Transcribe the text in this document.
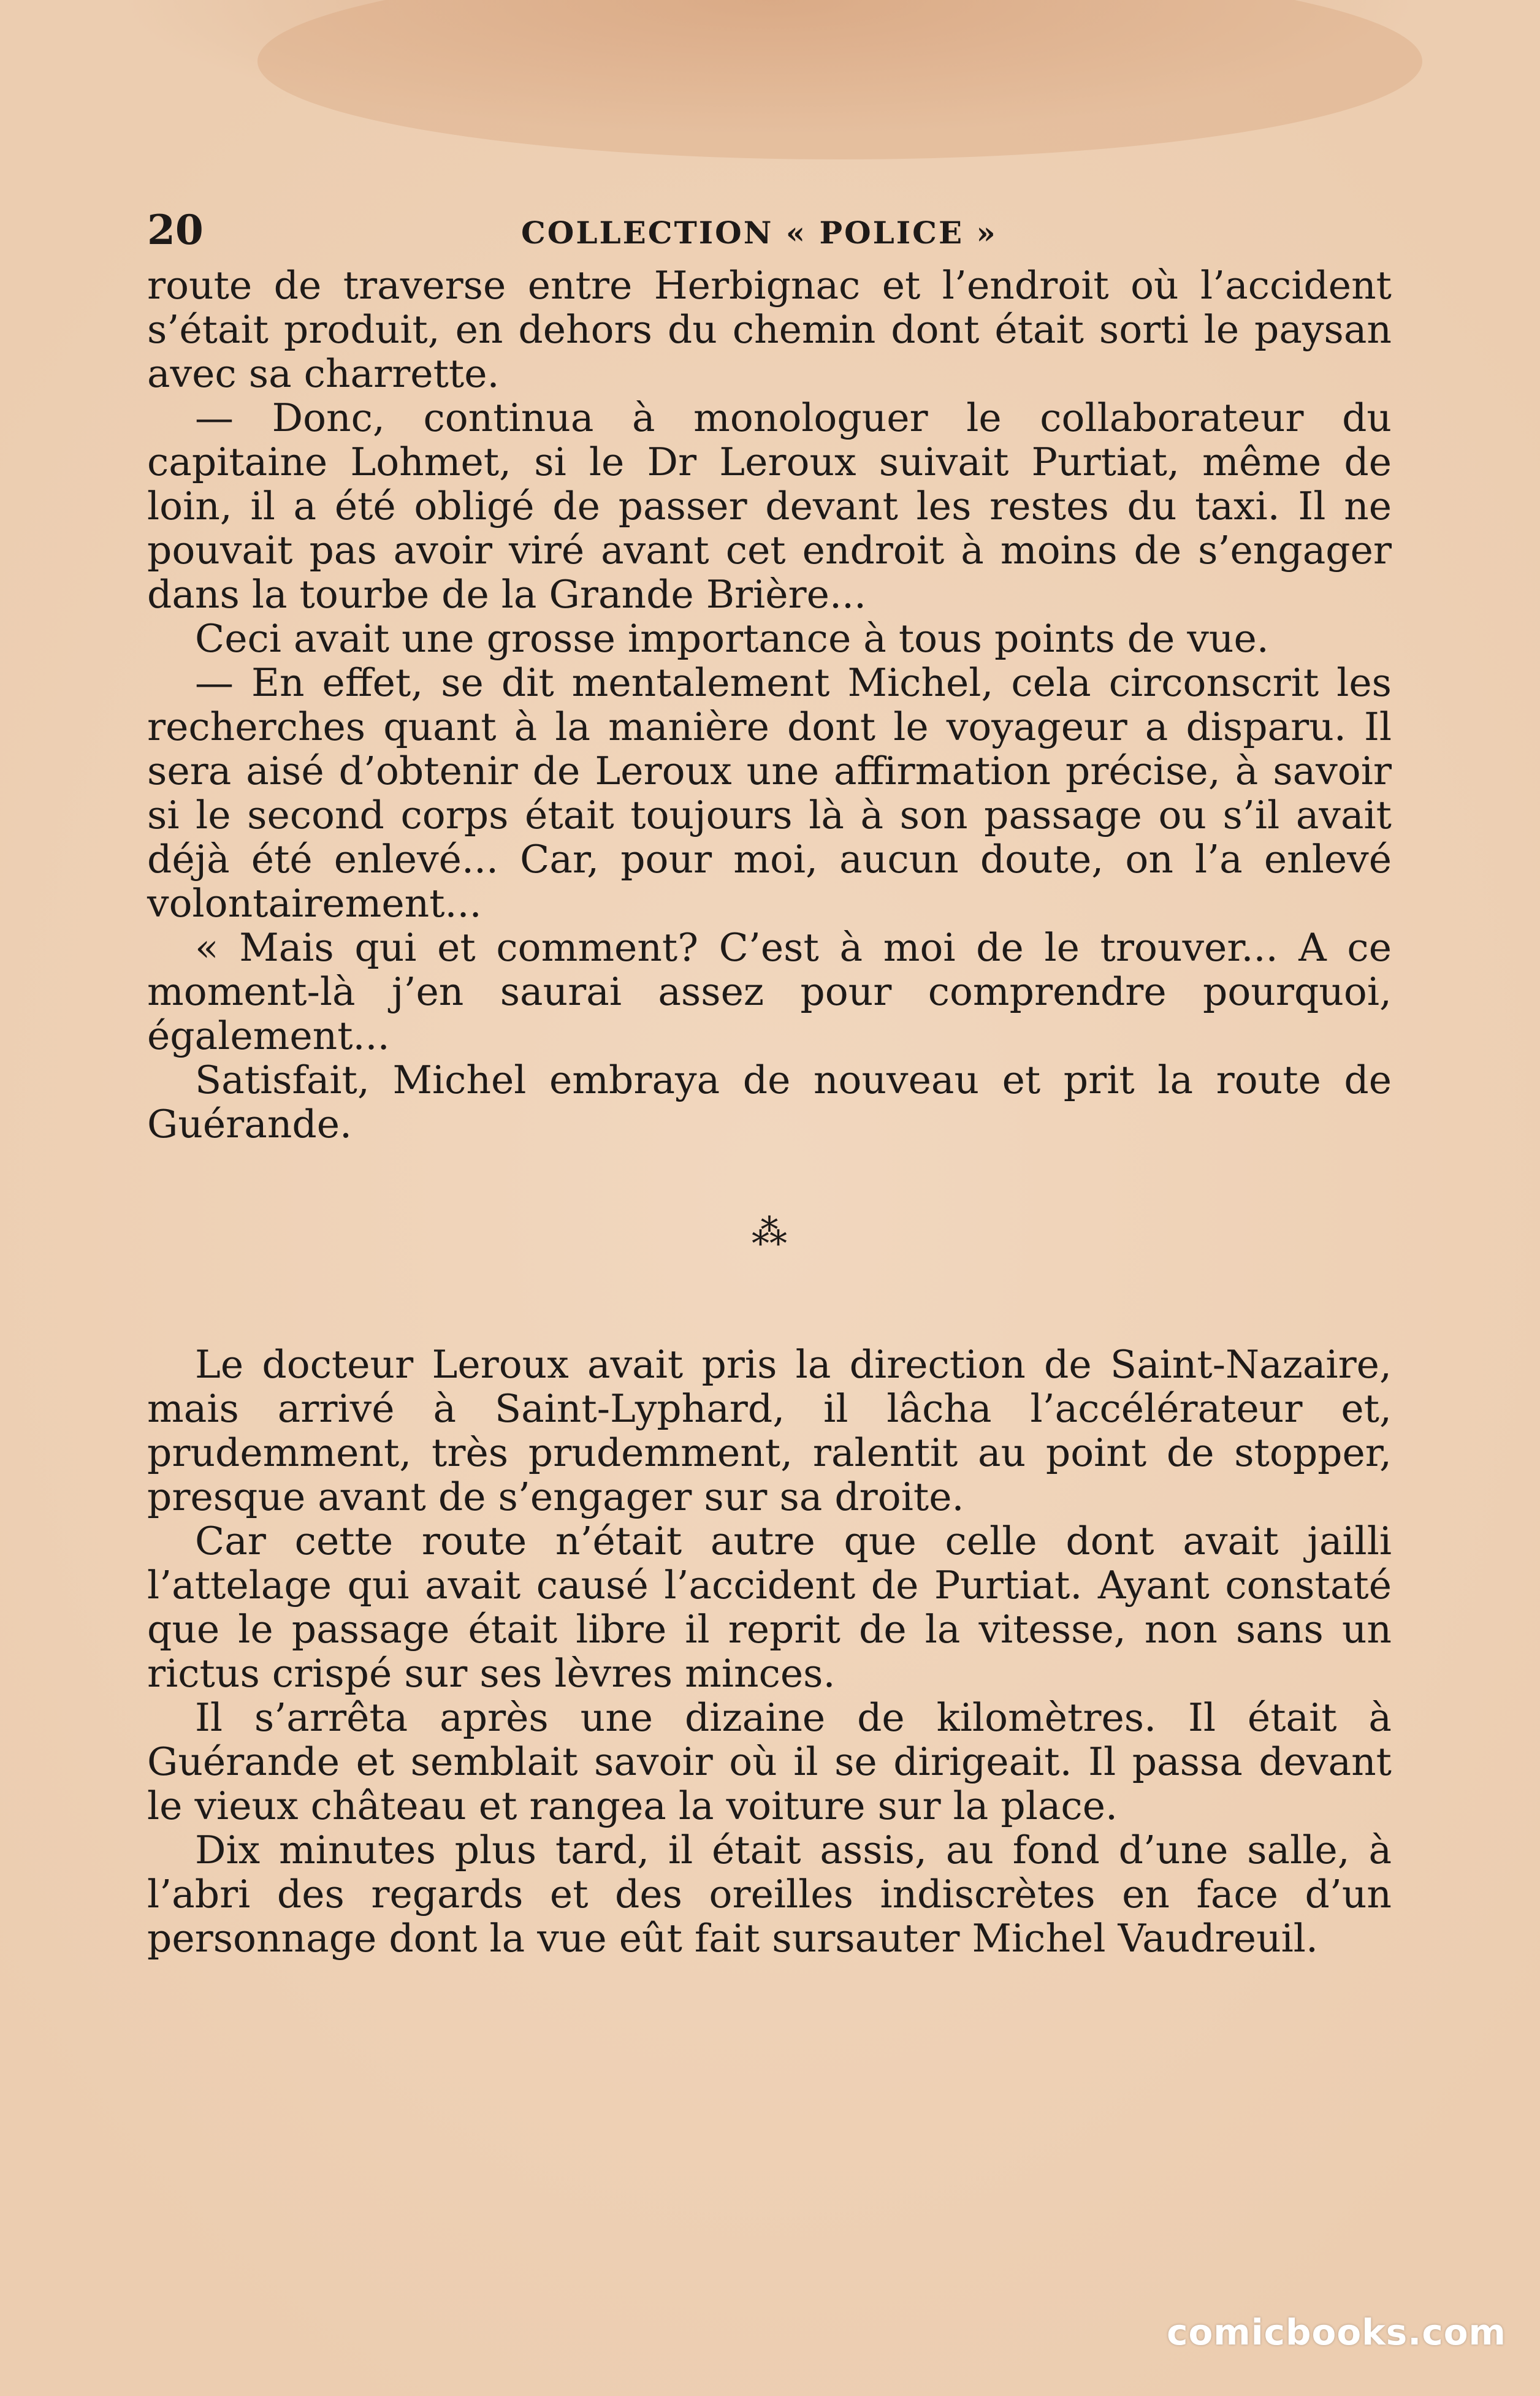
20	COLLECTION « POLICE »

route de traverse entre Herbignac et l’endroit où l’accident s’était produit, en dehors du chemin dont était sorti le paysan avec sa charrette.

— Donc, continua à monologuer le collaborateur du capitaine Lohmet, si le Dr Leroux suivait Purtiat, même de loin, il a été obligé de passer devant les restes du taxi. Il ne pouvait pas avoir viré avant cet endroit à moins de s’engager dans la tourbe de la Grande Brière...

Ceci avait une grosse importance à tous points de vue.

— En effet, se dit mentalement Michel, cela circonscrit les recherches quant à la manière dont le voyageur a disparu. Il sera aisé d’obtenir de Leroux une affirmation précise, à savoir si le second corps était toujours là à son passage ou s’il avait déjà été enlevé... Car, pour moi, aucun doute, on l’a enlevé volontairement...

« Mais qui et comment? C’est à moi de le trouver... A ce moment-là j’en saurai assez pour comprendre pourquoi, également...

Satisfait, Michel embraya de nouveau et prit la route de Guérande.

⁂

Le docteur Leroux avait pris la direction de Saint-Nazaire, mais arrivé à Saint-Lyphard, il lâcha l’accélérateur et, prudemment, très prudemment, ralentit au point de stopper, presque avant de s’engager sur sa droite.

Car cette route n’était autre que celle dont avait jailli l’attelage qui avait causé l’accident de Purtiat. Ayant constaté que le passage était libre il reprit de la vitesse, non sans un rictus crispé sur ses lèvres minces.

Il s’arrêta après une dizaine de kilomètres. Il était à Guérande et semblait savoir où il se dirigeait. Il passa devant le vieux château et rangea la voiture sur la place.

Dix minutes plus tard, il était assis, au fond d’une salle, à l’abri des regards et des oreilles indiscrètes en face d’un personnage dont la vue eût fait sursauter Michel Vaudreuil.

comicbooks.com
